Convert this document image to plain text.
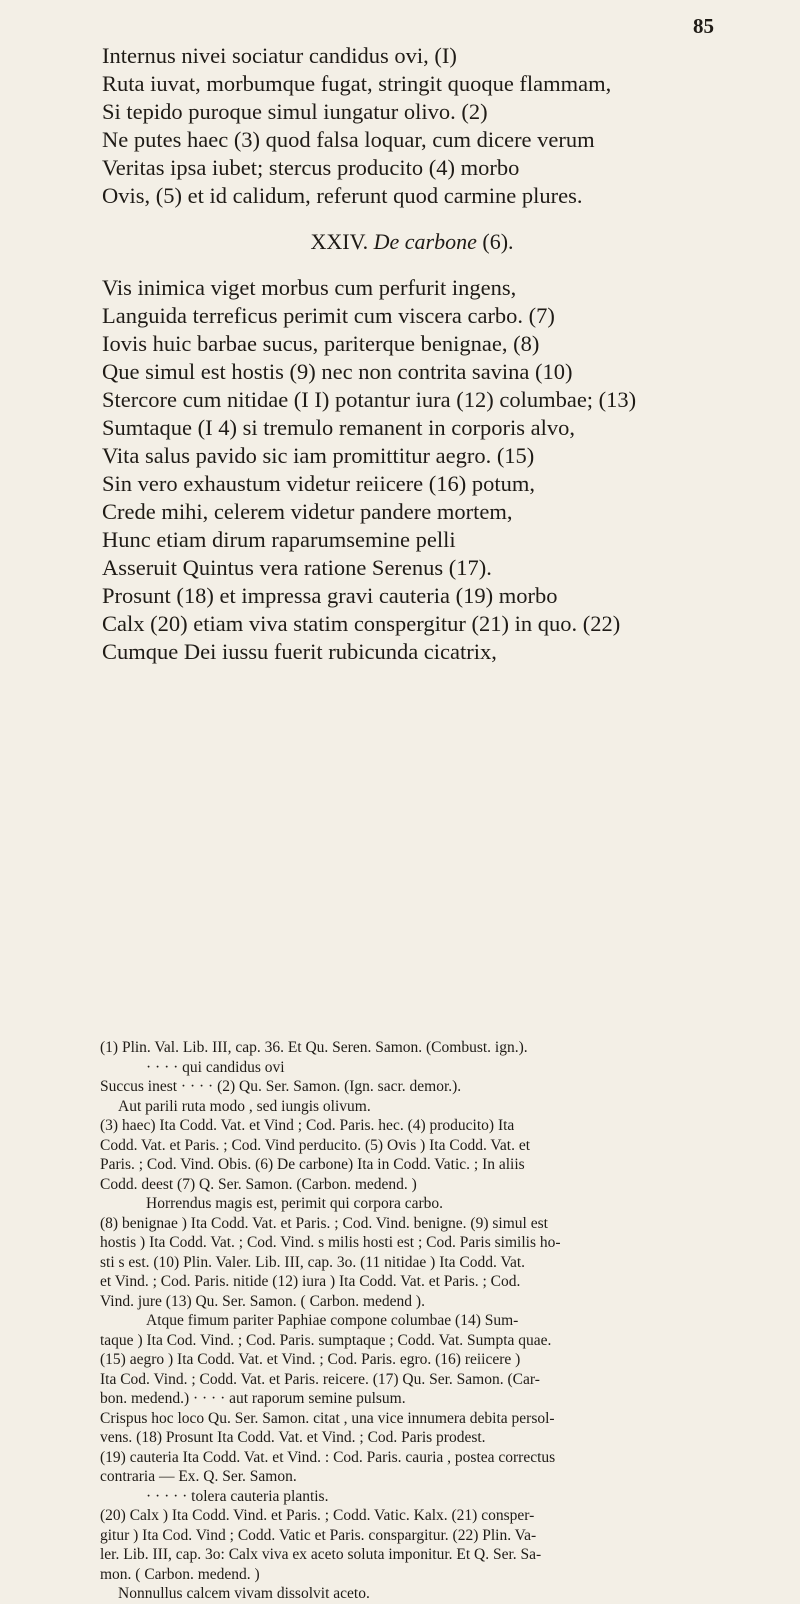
85
Internus nivei sociatur candidus ovi, (I)
Ruta iuvat, morbumque fugat, stringit quoque flammam,
Si tepido puroque simul iungatur olivo. (2)
Ne putes haec (3) quod falsa loquar, cum dicere verum
Veritas ipsa iubet; stercus producito (4) morbo
Ovis, (5) et id calidum, referunt quod carmine plures.
XXIV. De carbone (6).
Vis inimica viget morbus cum perfurit ingens,
Languida terreficus perimit cum viscera carbo. (7)
Iovis huic barbae sucus, pariterque benignae, (8)
Que simul est hostis (9) nec non contrita savina (10)
Stercore cum nitidae (I I) potantur iura (12) columbae; (13)
Sumtaque (I 4) si tremulo remanent in corporis alvo,
Vita salus pavido sic iam promittitur aegro. (15)
Sin vero exhaustum videtur reiicere (16) potum,
Crede mihi, celerem videtur pandere mortem,
Hunc etiam dirum raparumsemine pelli
Asseruit Quintus vera ratione Serenus (17).
Prosunt (18) et impressa gravi cauteria (19) morbo
Calx (20) etiam viva statim conspergitur (21) in quo. (22)
Cumque Dei iussu fuerit rubicunda cicatrix,
(1) Plin. Val. Lib. III, cap. 36. Et Qu. Seren. Samon. (Combust. ign.).
· · · · qui candidus ovi
Succus inest · · · · (2) Qu. Ser. Samon. (Ign. sacr. demor.).
Aut parili ruta modo , sed iungis olivum.
(3) haec) Ita Codd. Vat. et Vind ; Cod. Paris. hec. (4) producito) Ita
Codd. Vat. et Paris. ; Cod. Vind perducito. (5) Ovis ) Ita Codd. Vat. et
Paris. ; Cod. Vind. Obis. (6) De carbone) Ita in Codd. Vatic. ; In aliis
Codd. deest (7) Q. Ser. Samon. (Carbon. medend. )
Horrendus magis est, perimit qui corpora carbo.
(8) benignae ) Ita Codd. Vat. et Paris. ; Cod. Vind. benigne. (9) simul est
hostis ) Ita Codd. Vat. ; Cod. Vind. s milis hosti est ; Cod. Paris similis ho-
sti s est. (10) Plin. Valer. Lib. III, cap. 3o. (11 nitidae ) Ita Codd. Vat.
et Vind. ; Cod. Paris. nitide (12) iura ) Ita Codd. Vat. et Paris. ; Cod.
Vind. jure (13) Qu. Ser. Samon. ( Carbon. medend ).
Atque fimum pariter Paphiae compone columbae (14) Sum-
taque ) Ita Cod. Vind. ; Cod. Paris. sumptaque ; Codd. Vat. Sumpta quae.
(15) aegro ) Ita Codd. Vat. et Vind. ; Cod. Paris. egro. (16) reiicere )
Ita Cod. Vind. ; Codd. Vat. et Paris. reicere. (17) Qu. Ser. Samon. (Car-
bon. medend.) · · · · aut raporum semine pulsum.
Crispus hoc loco Qu. Ser. Samon. citat , una vice innumera debita persol-
vens. (18) Prosunt Ita Codd. Vat. et Vind. ; Cod. Paris prodest.
(19) cauteria Ita Codd. Vat. et Vind. : Cod. Paris. cauria , postea correctus
contraria — Ex. Q. Ser. Samon.
· · · · · tolera cauteria plantis.
(20) Calx ) Ita Codd. Vind. et Paris. ; Codd. Vatic. Kalx. (21) consper-
gitur ) Ita Cod. Vind ; Codd. Vatic et Paris. conspargitur. (22) Plin. Va-
ler. Lib. III, cap. 3o: Calx viva ex aceto soluta imponitur. Et Q. Ser. Sa-
mon. ( Carbon. medend. )
Nonnullus calcem vivam dissolvit aceto.
